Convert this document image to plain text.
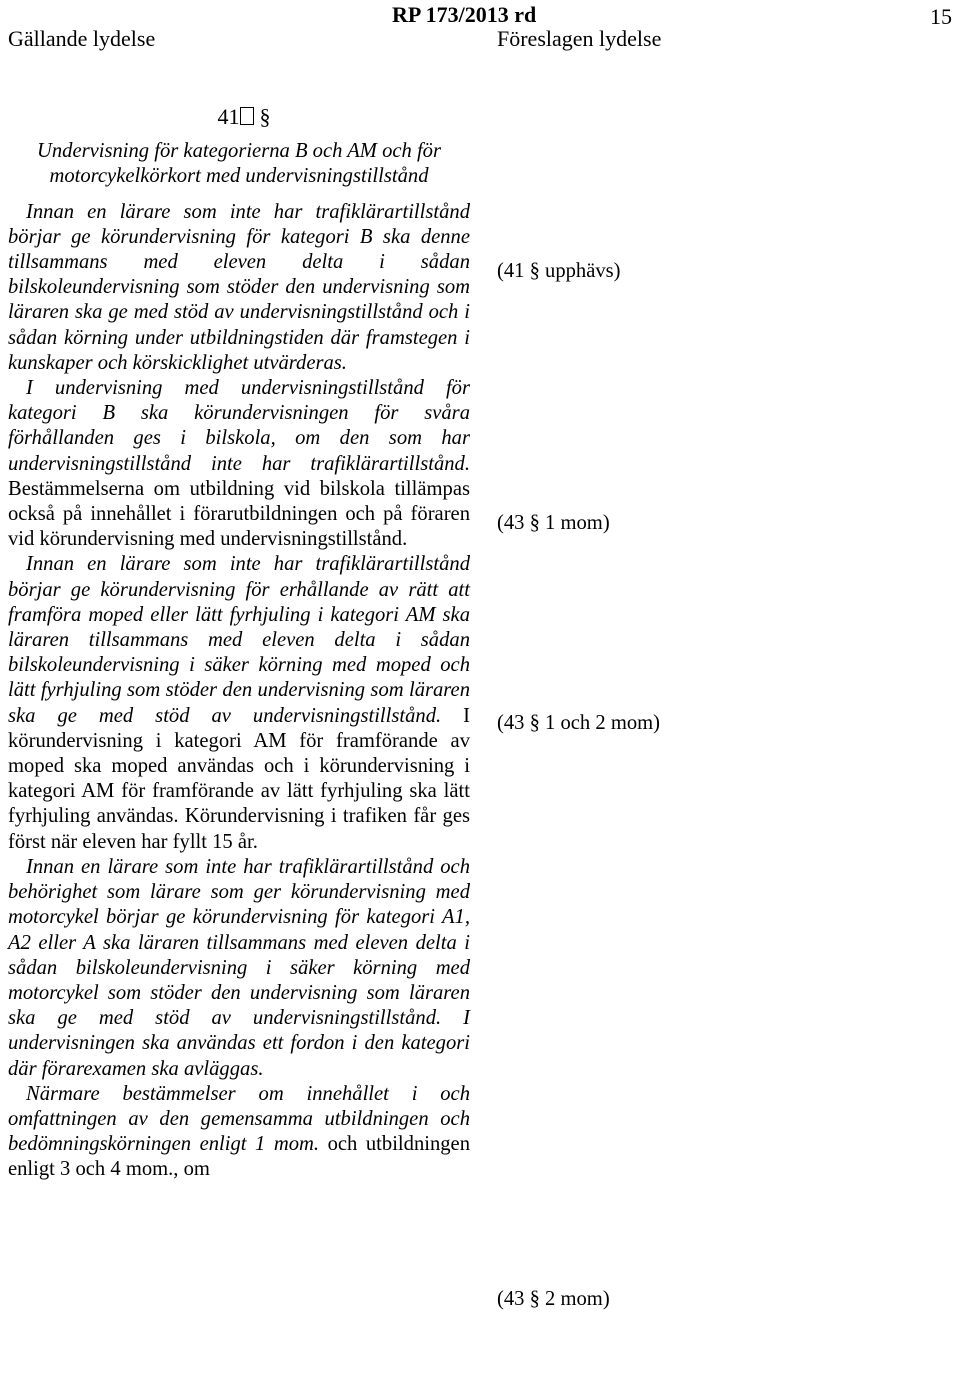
Gällande lydelse
RP 173/2013 rd
Föreslagen lydelse
15
41 §
Undervisning för kategorierna B och AM och för motorcykelkörkort med undervisningstillstånd

Innan en lärare som inte har trafiklärartillstånd börjar ge körundervisning för kategori B ska denne tillsammans med eleven delta i sådan bilskoleundervisning som stöder den undervisning som läraren ska ge med stöd av undervisningstillstånd och i sådan körning under utbildningstiden där framstegen i kunskaper och körskicklighet utvärderas.

I undervisning med undervisningstillstånd för kategori B ska körundervisningen för svåra förhållanden ges i bilskola, om den som har undervisningstillstånd inte har trafiklärartillstånd. Bestämmelserna om utbildning vid bilskola tillämpas också på innehållet i förarutbildningen och på föraren vid körundervisning med undervisningstillstånd.

Innan en lärare som inte har trafiklärartillstånd börjar ge körundervisning för erhållande av rätt att framföra moped eller lätt fyrhjuling i kategori AM ska läraren tillsammans med eleven delta i sådan bilskoleundervisning i säker körning med moped och lätt fyrhjuling som stöder den undervisning som läraren ska ge med stöd av undervisningstillstånd. I körundervisning i kategori AM för framförande av moped ska moped användas och i körundervisning i kategori AM för framförande av lätt fyrhjuling ska lätt fyrhjuling användas. Körundervisning i trafiken får ges först när eleven har fyllt 15 år.

Innan en lärare som inte har trafiklärartillstånd och behörighet som lärare som ger körundervisning med motorcykel börjar ge körundervisning för kategori A1, A2 eller A ska läraren tillsammans med eleven delta i sådan bilskoleundervisning i säker körning med motorcykel som stöder den undervisning som läraren ska ge med stöd av undervisningstillstånd. I undervisningen ska användas ett fordon i den kategori där förarexamen ska avläggas.

Närmare bestämmelser om innehållet i och omfattningen av den gemensamma utbildningen och bedömningskörningen enligt 1 mom. och utbildningen enligt 3 och 4 mom., om

(41 § upphävs)
(43 § 1 mom)
(43 § 1 och 2 mom)
(43 § 2 mom)
